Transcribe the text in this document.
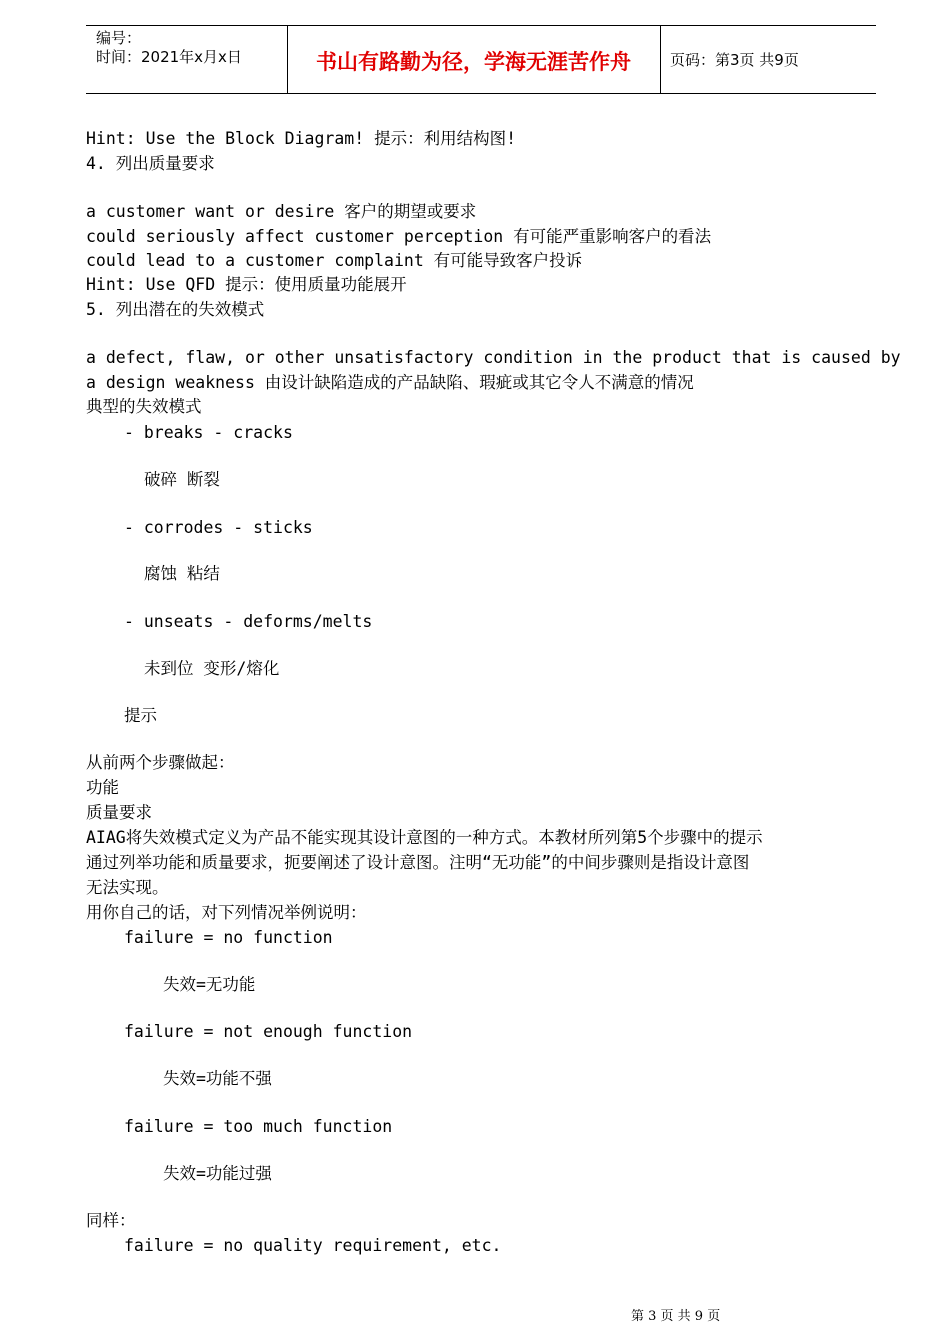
编号：
时间：2021年x月x日	书山有路勤为径，学海无涯苦作舟	页码：第3页 共9页
Hint: Use the Block Diagram! 提示：利用结构图!
4. 列出质量要求
a customer want or desire 客户的期望或要求
could seriously affect customer perception 有可能严重影响客户的看法
could lead to a customer complaint 有可能导致客户投诉
Hint: Use QFD 提示：使用质量功能展开
5. 列出潜在的失效模式
a defect, flaw, or other unsatisfactory condition in the product that is caused by
a design weakness 由设计缺陷造成的产品缺陷、瑕疵或其它令人不满意的情况
典型的失效模式
- breaks - cracks
破碎 断裂
- corrodes - sticks
腐蚀 粘结
- unseats - deforms/melts
未到位 变形/熔化
提示
从前两个步骤做起：
功能
质量要求
AIAG将失效模式定义为产品不能实现其设计意图的一种方式。本教材所列第5个步骤中的提示
通过列举功能和质量要求，扼要阐述了设计意图。注明“无功能”的中间步骤则是指设计意图
无法实现。
用你自己的话，对下列情况举例说明：
failure = no function
失效=无功能
failure = not enough function
失效=功能不强
failure = too much function
失效=功能过强
同样：
failure = no quality requirement, etc.
第 3 页 共 9 页
